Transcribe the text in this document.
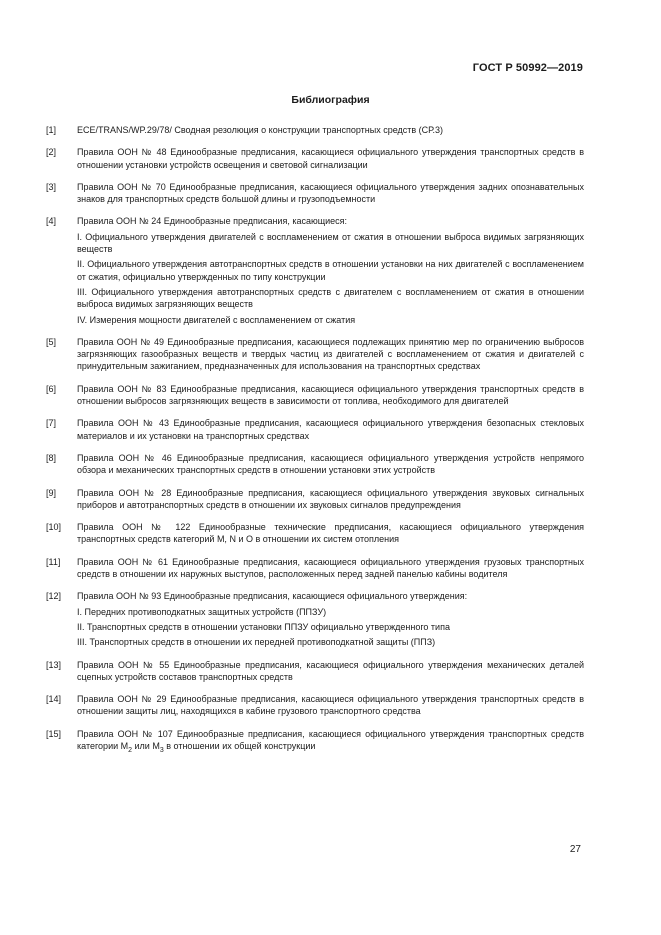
ГОСТ Р 50992—2019
Библиография
[1] ECE/TRANS/WP.29/78/ Сводная резолюция о конструкции транспортных средств (СР.3)
[2] Правила ООН № 48 Единообразные предписания, касающиеся официального утверждения транспортных средств в отношении установки устройств освещения и световой сигнализации
[3] Правила ООН № 70 Единообразные предписания, касающиеся официального утверждения задних опознавательных знаков для транспортных средств большой длины и грузоподъемности
[4] Правила ООН № 24 Единообразные предписания, касающиеся:
I. Официального утверждения двигателей с воспламенением от сжатия в отношении выброса видимых загрязняющих веществ
II. Официального утверждения автотранспортных средств в отношении установки на них двигателей с воспламенением от сжатия, официально утвержденных по типу конструкции
III. Официального утверждения автотранспортных средств с двигателем с воспламенением от сжатия в отношении выброса видимых загрязняющих веществ
IV. Измерения мощности двигателей с воспламенением от сжатия
[5] Правила ООН № 49 Единообразные предписания, касающиеся подлежащих принятию мер по ограничению выбросов загрязняющих газообразных веществ и твердых частиц из двигателей с воспламенением от сжатия и двигателей с принудительным зажиганием, предназначенных для использования на транспортных средствах
[6] Правила ООН № 83 Единообразные предписания, касающиеся официального утверждения транспортных средств в отношении выбросов загрязняющих веществ в зависимости от топлива, необходимого для двигателей
[7] Правила ООН № 43 Единообразные предписания, касающиеся официального утверждения безопасных стекловых материалов и их установки на транспортных средствах
[8] Правила ООН № 46 Единообразные предписания, касающиеся официального утверждения устройств непрямого обзора и механических транспортных средств в отношении установки этих устройств
[9] Правила ООН № 28 Единообразные предписания, касающиеся официального утверждения звуковых сигнальных приборов и автотранспортных средств в отношении их звуковых сигналов предупреждения
[10] Правила ООН № 122 Единообразные технические предписания, касающиеся официального утверждения транспортных средств категорий M, N и O в отношении их систем отопления
[11] Правила ООН № 61 Единообразные предписания, касающиеся официального утверждения грузовых транспортных средств в отношении их наружных выступов, расположенных перед задней панелью кабины водителя
[12] Правила ООН № 93 Единообразные предписания, касающиеся официального утверждения:
I. Передних противоподкатных защитных устройств (ППЗУ)
II. Транспортных средств в отношении установки ППЗУ официально утвержденного типа
III. Транспортных средств в отношении их передней противоподкатной защиты (ППЗ)
[13] Правила ООН № 55 Единообразные предписания, касающиеся официального утверждения механических деталей сцепных устройств составов транспортных средств
[14] Правила ООН № 29 Единообразные предписания, касающиеся официального утверждения транспортных средств в отношении защиты лиц, находящихся в кабине грузового транспортного средства
[15] Правила ООН № 107 Единообразные предписания, касающиеся официального утверждения транспортных средств категории $M_2$ или $M_3$ в отношении их общей конструкции
27
